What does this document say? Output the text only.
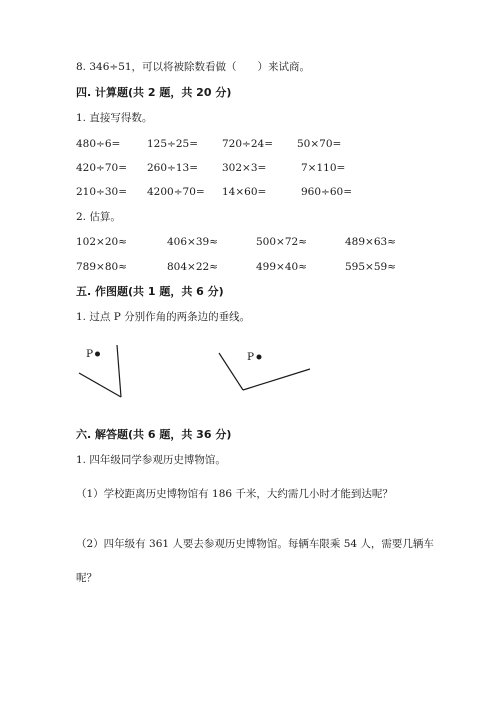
8. 346÷51，可以将被除数看做（　　）来试商。
四. 计算题(共 2 题，共 20 分)
1. 直接写得数。
480÷6=	125÷25= 720÷24= 50×70=
420÷70= 260÷13= 302×3=	7×110=
210÷30= 4200÷70= 14×60=	960÷60=
2. 估算。
102×20≈	406×39≈	500×72≈	489×63≈
789×80≈	804×22≈	499×40≈	595×59≈
五. 作图题(共 1 题，共 6 分)
1. 过点 P 分别作角的两条边的垂线。
P	P
六. 解答题(共 6 题，共 36 分)
1. 四年级同学参观历史博物馆。
（1）学校距离历史博物馆有 186 千米，大约需几小时才能到达呢？
（2）四年级有 361 人要去参观历史博物馆。每辆车限乘 54 人，需要几辆车
呢？
